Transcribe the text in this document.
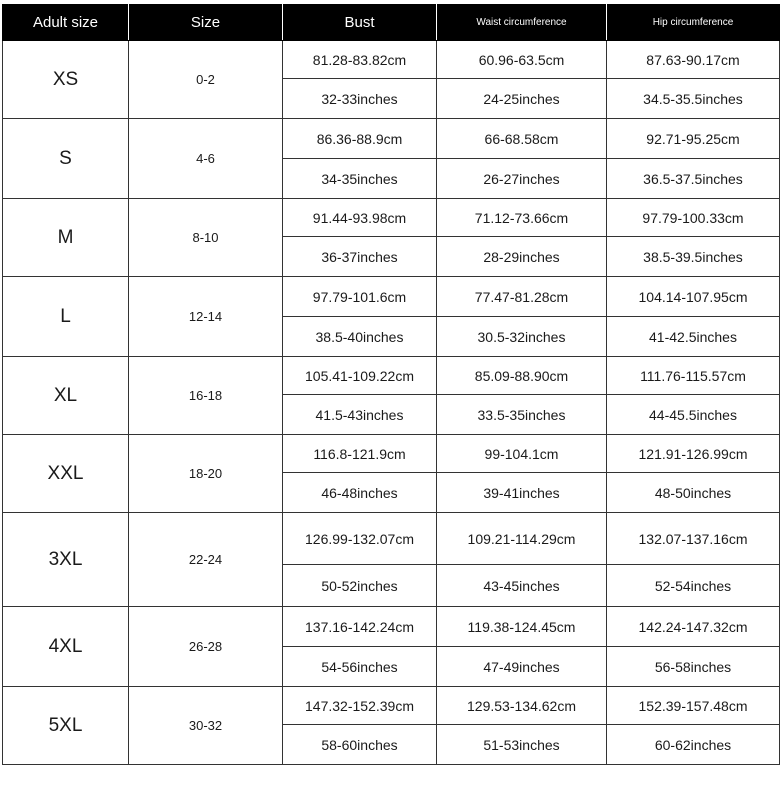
Adult size	Size	Bust	Waist circumference	Hip circumference
XS	0-2	81.28-83.82cm	60.96-63.5cm	87.63-90.17cm
		32-33inches	24-25inches	34.5-35.5inches
S	4-6	86.36-88.9cm	66-68.58cm	92.71-95.25cm
		34-35inches	26-27inches	36.5-37.5inches
M	8-10	91.44-93.98cm	71.12-73.66cm	97.79-100.33cm
		36-37inches	28-29inches	38.5-39.5inches
L	12-14	97.79-101.6cm	77.47-81.28cm	104.14-107.95cm
		38.5-40inches	30.5-32inches	41-42.5inches
XL	16-18	105.41-109.22cm	85.09-88.90cm	111.76-115.57cm
		41.5-43inches	33.5-35inches	44-45.5inches
XXL	18-20	116.8-121.9cm	99-104.1cm	121.91-126.99cm
		46-48inches	39-41inches	48-50inches
3XL	22-24	126.99-132.07cm	109.21-114.29cm	132.07-137.16cm
		50-52inches	43-45inches	52-54inches
4XL	26-28	137.16-142.24cm	119.38-124.45cm	142.24-147.32cm
		54-56inches	47-49inches	56-58inches
5XL	30-32	147.32-152.39cm	129.53-134.62cm	152.39-157.48cm
		58-60inches	51-53inches	60-62inches
